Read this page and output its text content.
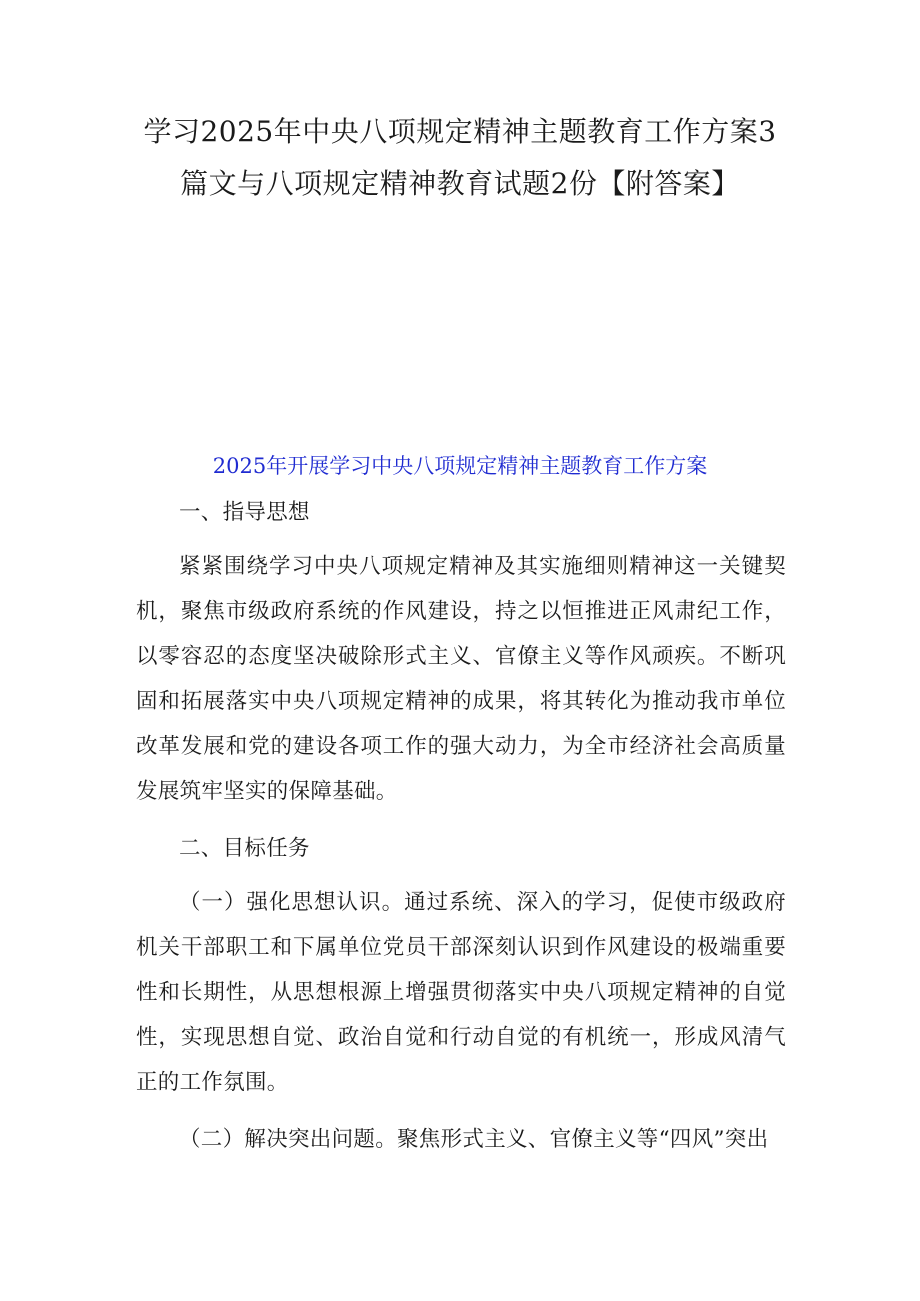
学习2025年中央八项规定精神主题教育工作方案3
篇文与八项规定精神教育试题2份【附答案】
2025年开展学习中央八项规定精神主题教育工作方案

一、指导思想

紧紧围绕学习中央八项规定精神及其实施细则精神这一关键契机，聚焦市级政府系统的作风建设，持之以恒推进正风肃纪工作，以零容忍的态度坚决破除形式主义、官僚主义等作风顽疾。不断巩固和拓展落实中央八项规定精神的成果，将其转化为推动我市单位改革发展和党的建设各项工作的强大动力，为全市经济社会高质量发展筑牢坚实的保障基础。

二、目标任务

（一）强化思想认识。通过系统、深入的学习，促使市级政府机关干部职工和下属单位党员干部深刻认识到作风建设的极端重要性和长期性，从思想根源上增强贯彻落实中央八项规定精神的自觉性，实现思想自觉、政治自觉和行动自觉的有机统一，形成风清气正的工作氛围。

（二）解决突出问题。聚焦形式主义、官僚主义等“四风”突出
